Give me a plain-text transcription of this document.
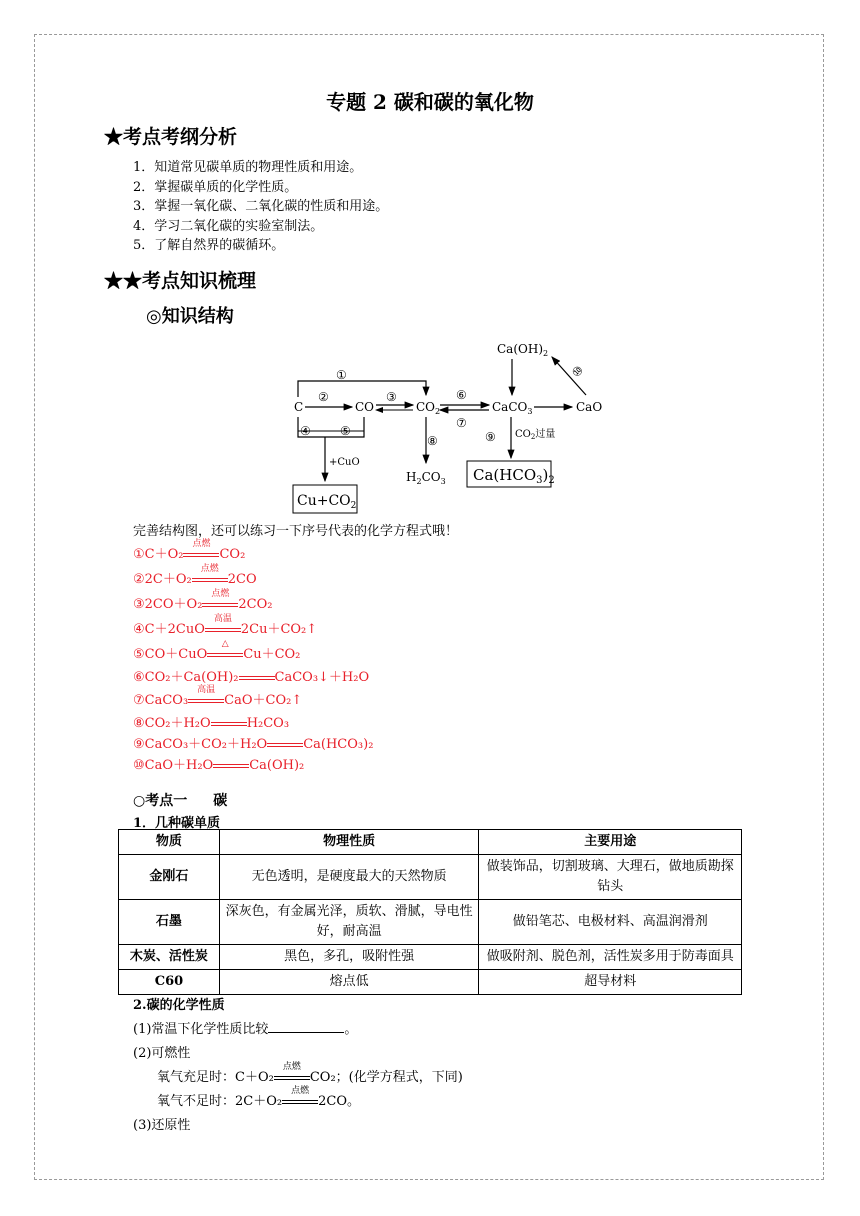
专题 2 碳和碳的氧化物
★考点考纲分析
1．知道常见碳单质的物理性质和用途。
2．掌握碳单质的化学性质。
3．掌握一氧化碳、二氧化碳的性质和用途。
4．学习二氧化碳的实验室制法。
5．了解自然界的碳循环。
★★考点知识梳理
◎知识结构
C	CO	$CO_2$	CaCO$_3$	CaO
$Ca(OH)_2$
$H_2CO_3$ $Ca(HCO_3)_2$
$Cu+CO_2$
①
②	③	⑥
⑦
⑩
⑧	⑨ $CO_2$过量
④ ⑤
+CuO
完善结构图，还可以练习一下序号代表的化学方程式哦！
①C＋O₂
点燃
CO₂
②2C＋O₂
点燃
2CO
③2CO＋O₂
点燃
2CO₂
④C＋2CuO
高温
2Cu＋CO₂↑
⑤CO＋CuO
△
Cu＋CO₂
⑥CO₂＋Ca(OH)₂	CaCO₃↓＋H₂O
⑦CaCO₃
高温
CaO＋CO₂↑
⑧CO₂＋H₂O	H₂CO₃
⑨CaCO₃＋CO₂＋H₂O	Ca(HCO₃)₂
⑩CaO＋H₂O	Ca(OH)₂
○考点一 碳
1．几种碳单质
物质	物理性质	主要用途
金刚石	无色透明，是硬度最大的天然物质	做装饰品，切割玻璃、大理石，做地质勘探钻头
石墨	深灰色，有金属光泽，质软、滑腻，导电性好，耐高温	做铅笔芯、电极材料、高温润滑剂
木炭、活性炭	黑色，多孔，吸附性强	做吸附剂、脱色剂，活性炭多用于防毒面具
C60	熔点低	超导材料
2.碳的化学性质
(1)常温下化学性质比较	。
(2)可燃性
氧气充足时：C＋O₂
点燃
CO₂；(化学方程式，下同)
氧气不足时：2C＋O₂
点燃
2CO。
(3)还原性
